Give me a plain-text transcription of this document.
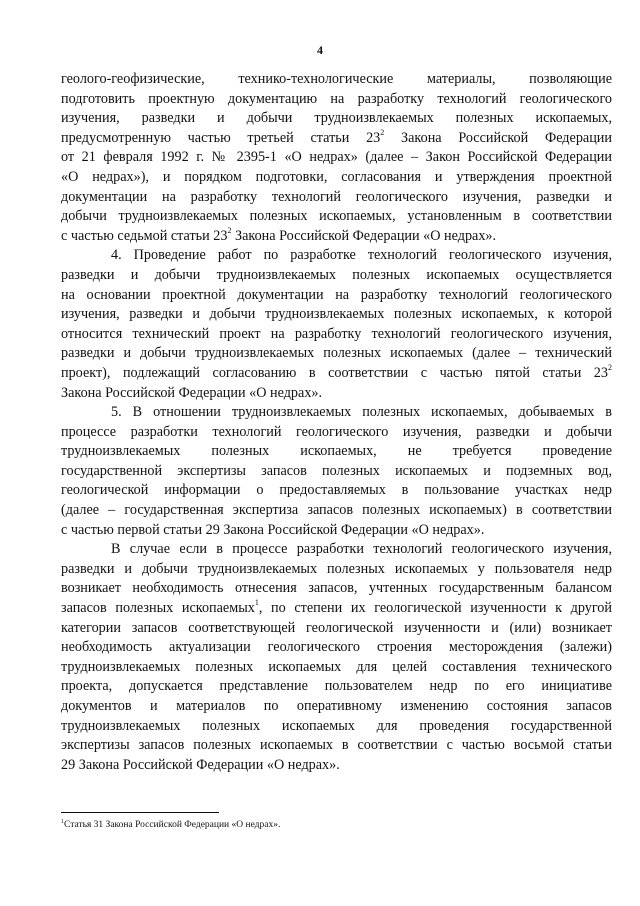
4
геолого-геофизические, технико-технологические материалы, позволяющие
подготовить проектную документацию на разработку технологий геологического
изучения, разведки и добычи трудноизвлекаемых полезных ископаемых,
предусмотренную частью третьей статьи $23^2$ Закона Российской Федерации
от 21 февраля 1992 г. № 2395-1 «О недрах» (далее – Закон Российской Федерации
«О недрах»), и порядком подготовки, согласования и утверждения проектной
документации на разработку технологий геологического изучения, разведки и
добычи трудноизвлекаемых полезных ископаемых, установленным в соответствии
с частью седьмой статьи $23^2$ Закона Российской Федерации «О недрах».
4. Проведение работ по разработке технологий геологического изучения,
разведки и добычи трудноизвлекаемых полезных ископаемых осуществляется
на основании проектной документации на разработку технологий геологического
изучения, разведки и добычи трудноизвлекаемых полезных ископаемых, к которой
относится технический проект на разработку технологий геологического изучения,
разведки и добычи трудноизвлекаемых полезных ископаемых (далее – технический
проект), подлежащий согласованию в соответствии с частью пятой статьи $23^2$
Закона Российской Федерации «О недрах».
5. В отношении трудноизвлекаемых полезных ископаемых, добываемых в
процессе разработки технологий геологического изучения, разведки и добычи
трудноизвлекаемых полезных ископаемых, не требуется проведение
государственной экспертизы запасов полезных ископаемых и подземных вод,
геологической информации о предоставляемых в пользование участках недр
(далее – государственная экспертиза запасов полезных ископаемых) в соответствии
с частью первой статьи 29 Закона Российской Федерации «О недрах».
В случае если в процессе разработки технологий геологического изучения,
разведки и добычи трудноизвлекаемых полезных ископаемых у пользователя недр
возникает необходимость отнесения запасов, учтенных государственным балансом
запасов полезных ископаемых$^1$, по степени их геологической изученности к другой
категории запасов соответствующей геологической изученности и (или) возникает
необходимость актуализации геологического строения месторождения (залежи)
трудноизвлекаемых полезных ископаемых для целей составления технического
проекта, допускается представление пользователем недр по его инициативе
документов и материалов по оперативному изменению состояния запасов
трудноизвлекаемых полезных ископаемых для проведения государственной
экспертизы запасов полезных ископаемых в соответствии с частью восьмой статьи
29 Закона Российской Федерации «О недрах».
$^1$Статья 31 Закона Российской Федерации «О недрах».
